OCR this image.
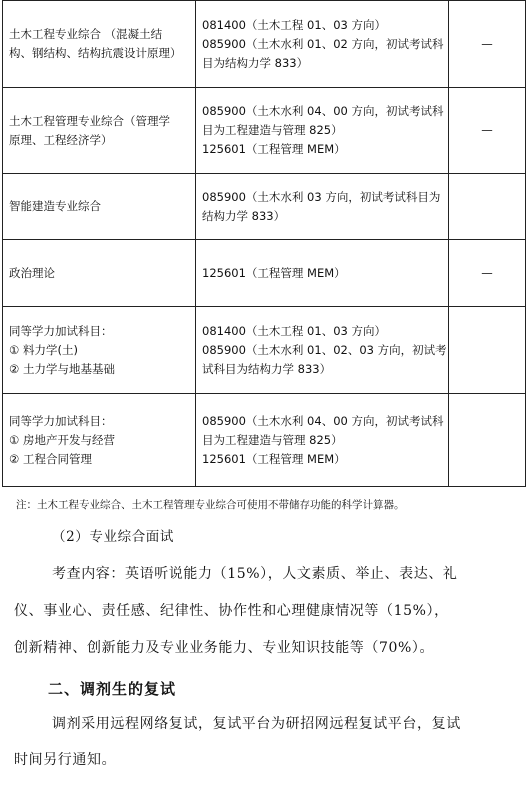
土木工程专业综合 （混凝土结
构、钢结构、结构抗震设计原理）	081400（土木工程 01、03 方向）
085900（土木水利 01、02 方向，初试考试科
目为结构力学 833）	—

土木工程管理专业综合（管理学
原理、工程经济学）	085900（土木水利 04、00 方向，初试考试科
目为工程建造与管理 825）
125601（工程管理 MEM）	—

智能建造专业综合	085900（土木水利 03 方向，初试考试科目为
结构力学 833）	

政治理论	125601（工程管理 MEM）	—

同等学力加试科目：
① 料力学(土)
② 土力学与地基基础	081400（土木工程 01、03 方向）
085900（土木水利 01、02、03 方向，初试考
试科目为结构力学 833）	

同等学力加试科目：
① 房地产开发与经营
② 工程合同管理	085900（土木水利 04、00 方向，初试考试科
目为工程建造与管理 825）
125601（工程管理 MEM）	

注：土木工程专业综合、土木工程管理专业综合可使用不带储存功能的科学计算器。
（2）专业综合面试
考查内容：英语听说能力（15%），人文素质、举止、表达、礼
仪、事业心、责任感、纪律性、协作性和心理健康情况等（15%），
创新精神、创新能力及专业业务能力、专业知识技能等（70%）。
二、调剂生的复试
调剂采用远程网络复试，复试平台为研招网远程复试平台，复试
时间另行通知。
